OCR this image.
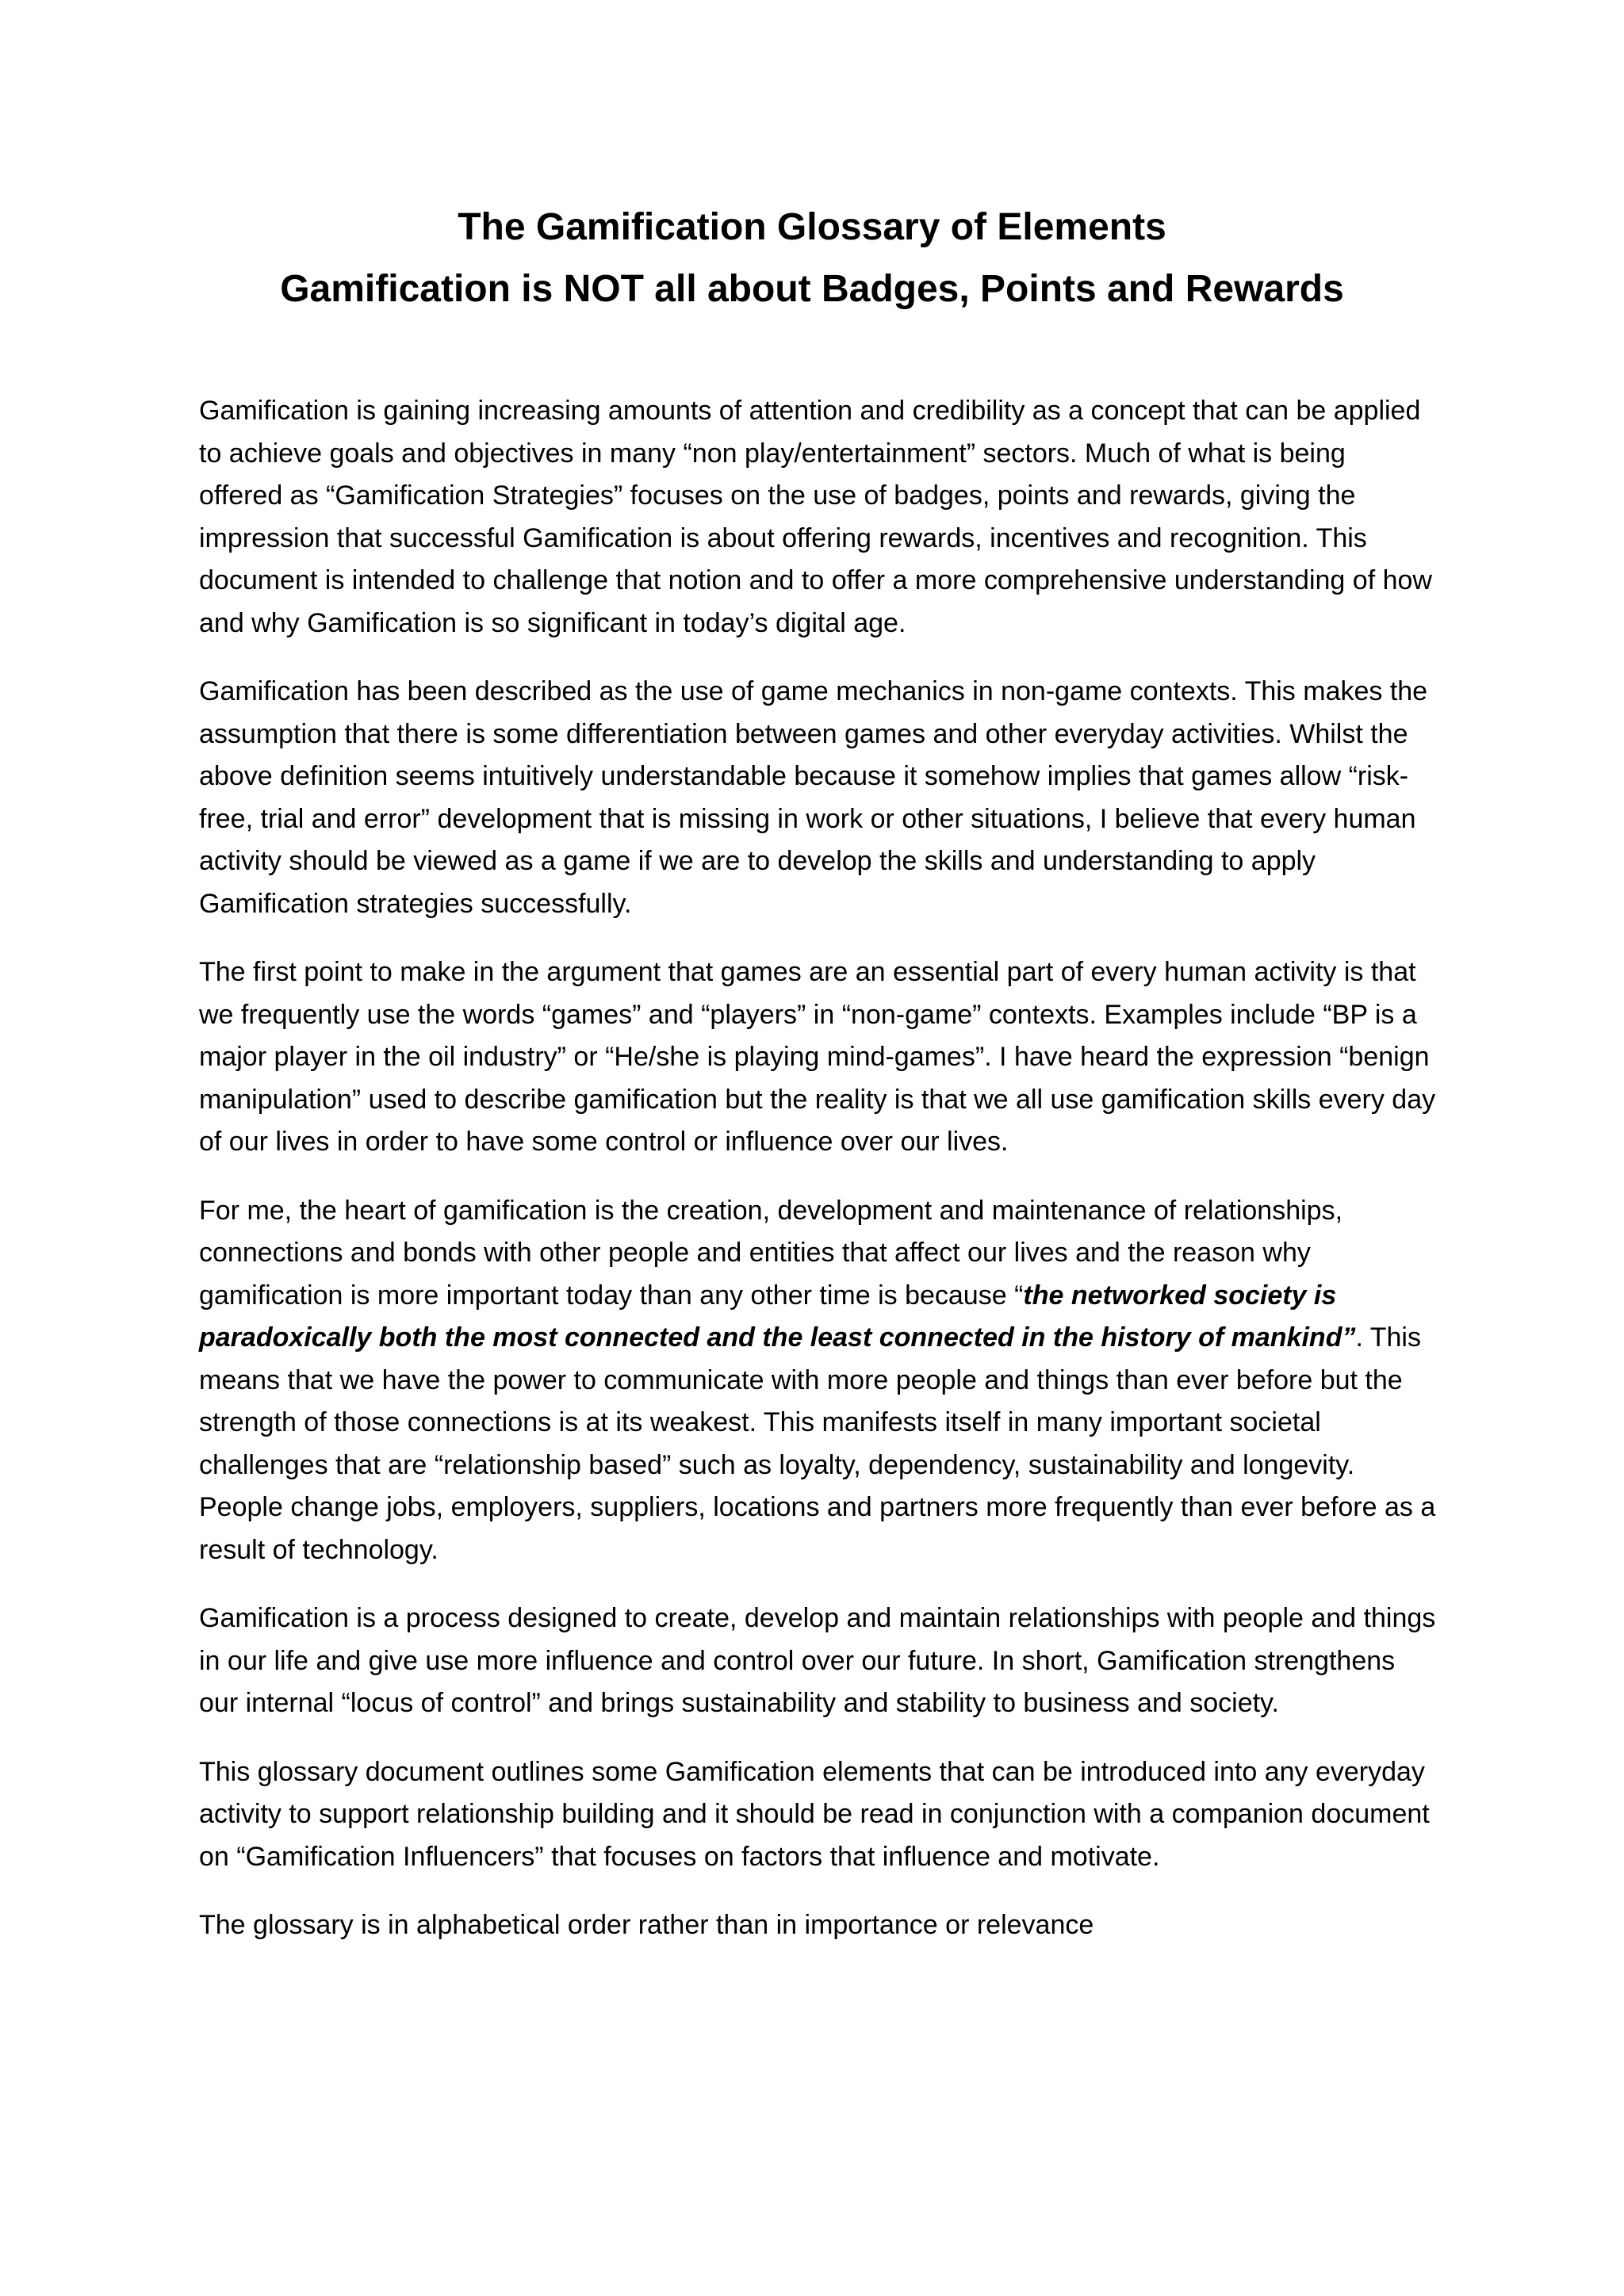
The Gamification Glossary of Elements
Gamification is NOT all about Badges, Points and Rewards

Gamification is gaining increasing amounts of attention and credibility as a concept that can be applied to achieve goals and objectives in many “non play/entertainment” sectors. Much of what is being offered as “Gamification Strategies” focuses on the use of badges, points and rewards, giving the impression that successful Gamification is about offering rewards, incentives and recognition. This document is intended to challenge that notion and to offer a more comprehensive understanding of how and why Gamification is so significant in today’s digital age.

Gamification has been described as the use of game mechanics in non-game contexts. This makes the assumption that there is some differentiation between games and other everyday activities. Whilst the above definition seems intuitively understandable because it somehow implies that games allow “risk-free, trial and error” development that is missing in work or other situations, I believe that every human activity should be viewed as a game if we are to develop the skills and understanding to apply Gamification strategies successfully.

The first point to make in the argument that games are an essential part of every human activity is that we frequently use the words “games” and “players” in “non-game” contexts. Examples include “BP is a major player in the oil industry” or “He/she is playing mind-games”. I have heard the expression “benign manipulation” used to describe gamification but the reality is that we all use gamification skills every day of our lives in order to have some control or influence over our lives.

For me, the heart of gamification is the creation, development and maintenance of relationships, connections and bonds with other people and entities that affect our lives and the reason why gamification is more important today than any other time is because “the networked society is paradoxically both the most connected and the least connected in the history of mankind”. This means that we have the power to communicate with more people and things than ever before but the strength of those connections is at its weakest. This manifests itself in many important societal challenges that are “relationship based” such as loyalty, dependency, sustainability and longevity. People change jobs, employers, suppliers, locations and partners more frequently than ever before as a result of technology.

Gamification is a process designed to create, develop and maintain relationships with people and things in our life and give use more influence and control over our future. In short, Gamification strengthens our internal “locus of control” and brings sustainability and stability to business and society.

This glossary document outlines some Gamification elements that can be introduced into any everyday activity to support relationship building and it should be read in conjunction with a companion document on “Gamification Influencers” that focuses on factors that influence and motivate.

The glossary is in alphabetical order rather than in importance or relevance
